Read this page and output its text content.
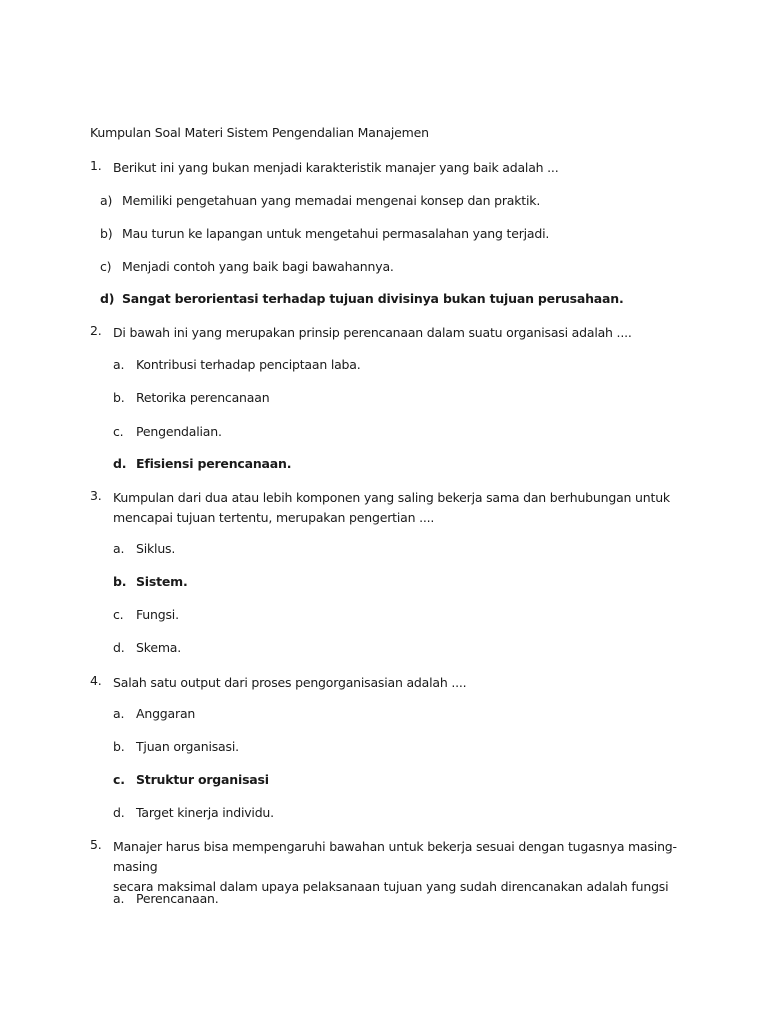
Kumpulan Soal Materi Sistem Pengendalian Manajemen
1. Berikut ini yang bukan menjadi karakteristik manajer yang baik adalah ...
a) Memiliki pengetahuan yang memadai mengenai konsep dan praktik.
b) Mau turun ke lapangan untuk mengetahui permasalahan yang terjadi.
c) Menjadi contoh yang baik bagi bawahannya.
d) Sangat berorientasi terhadap tujuan divisinya bukan tujuan perusahaan.
2. Di bawah ini yang merupakan prinsip perencanaan dalam suatu organisasi adalah ....
a. Kontribusi terhadap penciptaan laba.
b. Retorika perencanaan
c. Pengendalian.
d. Efisiensi perencanaan.
3. Kumpulan dari dua atau lebih komponen yang saling bekerja sama dan berhubungan untuk
mencapai tujuan tertentu, merupakan pengertian ....
a. Siklus.
b. Sistem.
c. Fungsi.
d. Skema.
4. Salah satu output dari proses pengorganisasian adalah ....
a. Anggaran
b. Tjuan organisasi.
c. Struktur organisasi
d. Target kinerja individu.
5. Manajer harus bisa mempengaruhi bawahan untuk bekerja sesuai dengan tugasnya masing-masing
secara maksimal dalam upaya pelaksanaan tujuan yang sudah direncanakan adalah fungsi
a. Perencanaan.
